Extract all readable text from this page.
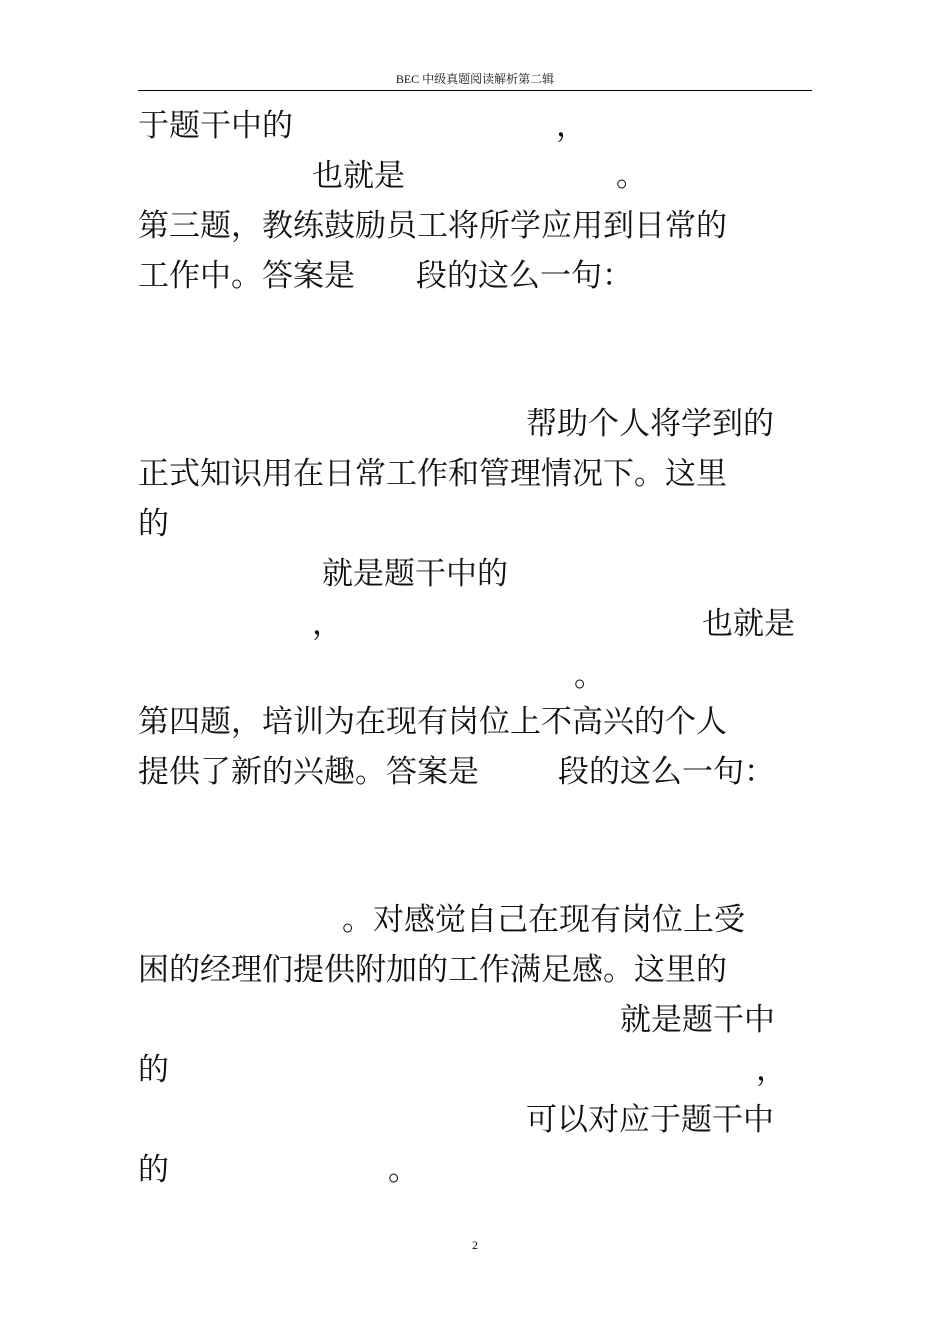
BEC 中级真题阅读解析第二辑
于题干中的	，
也就是	。
第三题，教练鼓励员工将所学应用到日常的
工作中。答案是 段的这么一句：
帮助个人将学到的
正式知识用在日常工作和管理情况下。这里
的
就是题干中的
，	也就是
。
第四题，培训为在现有岗位上不高兴的个人
提供了新的兴趣。答案是	段的这么一句：
。对感觉自己在现有岗位上受
困的经理们提供附加的工作满足感。这里的
就是题干中
的	，
可以对应于题干中
的	。
2
